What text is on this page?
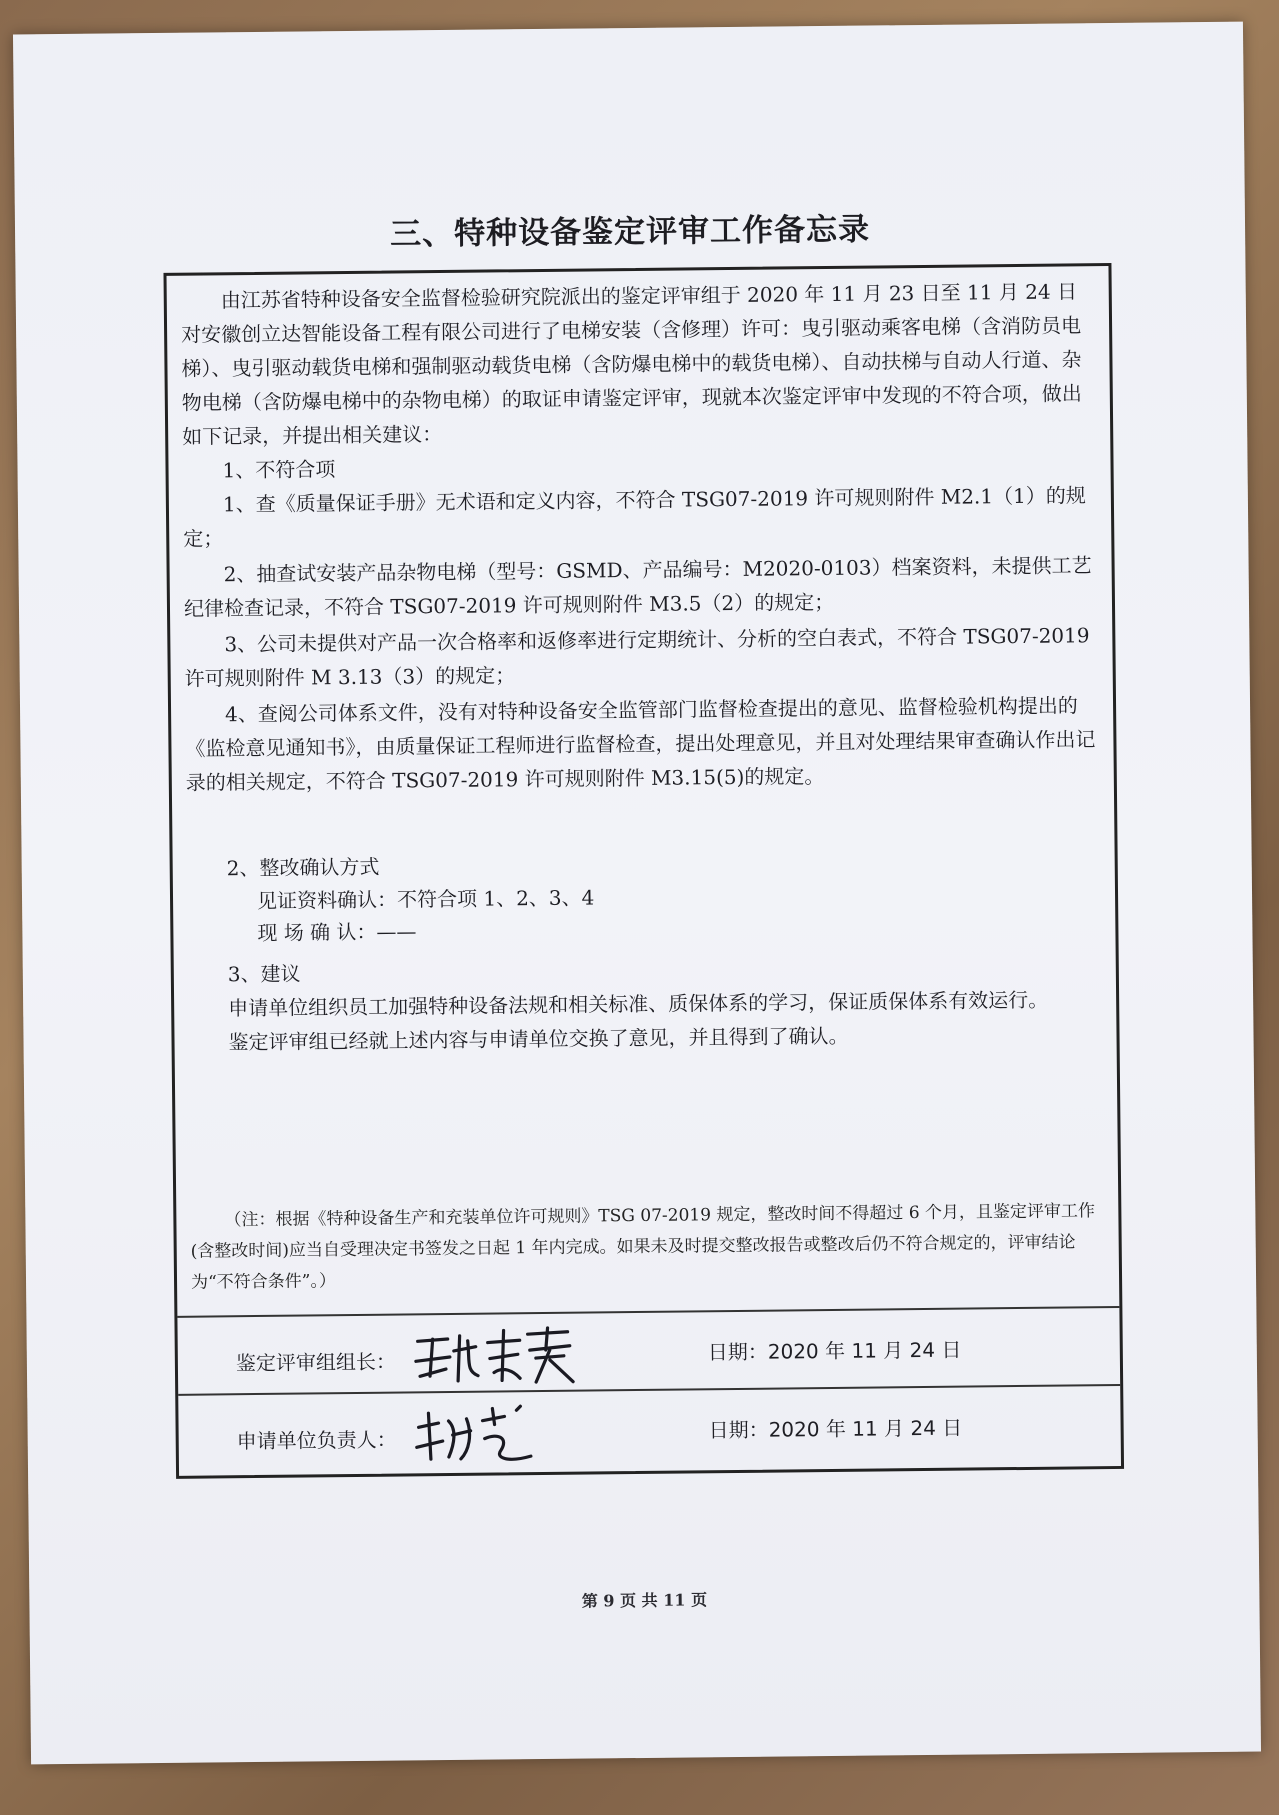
三、特种设备鉴定评审工作备忘录

由江苏省特种设备安全监督检验研究院派出的鉴定评审组于 2020 年 11 月 23 日至 11 月 24 日对安徽创立达智能设备工程有限公司进行了电梯安装（含修理）许可：曳引驱动乘客电梯（含消防员电梯）、曳引驱动载货电梯和强制驱动载货电梯（含防爆电梯中的载货电梯）、自动扶梯与自动人行道、杂物电梯（含防爆电梯中的杂物电梯）的取证申请鉴定评审，现就本次鉴定评审中发现的不符合项，做出如下记录，并提出相关建议：

1、不符合项

1、查《质量保证手册》无术语和定义内容，不符合 TSG07-2019 许可规则附件 M2.1（1）的规定；

2、抽查试安装产品杂物电梯（型号：GSMD、产品编号：M2020-0103）档案资料，未提供工艺纪律检查记录，不符合 TSG07-2019 许可规则附件 M3.5（2）的规定；

3、公司未提供对产品一次合格率和返修率进行定期统计、分析的空白表式，不符合 TSG07-2019 许可规则附件 M 3.13（3）的规定；

4、查阅公司体系文件，没有对特种设备安全监管部门监督检查提出的意见、监督检验机构提出的《监检意见通知书》，由质量保证工程师进行监督检查，提出处理意见，并且对处理结果审查确认作出记录的相关规定，不符合 TSG07-2019 许可规则附件 M3.15(5)的规定。

2、整改确认方式

见证资料确认：不符合项 1、2、3、4

现 场 确 认：——

3、建议

申请单位组织员工加强特种设备法规和相关标准、质保体系的学习，保证质保体系有效运行。

鉴定评审组已经就上述内容与申请单位交换了意见，并且得到了确认。

（注：根据《特种设备生产和充装单位许可规则》TSG 07-2019 规定，整改时间不得超过 6 个月，且鉴定评审工作(含整改时间)应当自受理决定书签发之日起 1 年内完成。如果未及时提交整改报告或整改后仍不符合规定的，评审结论为“不符合条件”。）

鉴定评审组组长：	日期：2020 年 11 月 24 日
申请单位负责人：	日期：2020 年 11 月 24 日
第 9 页 共 11 页
